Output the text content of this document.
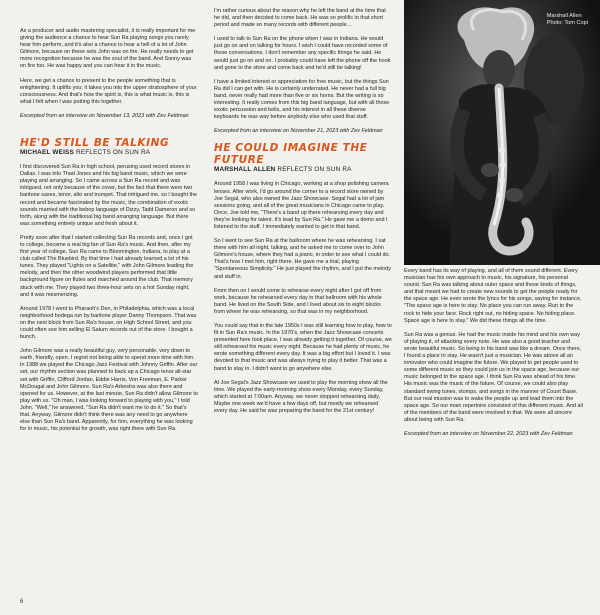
As a producer and audio mastering specialist, it is really important for me giving the audience a chance to hear Sun Ra playing songs you rarely hear him perform, and it's also a chance to hear a hell of a lot of John Gilmore, because on these sets John was on fire. He really needs to get more recognition because he was the soul of the band. And Sonny was on fire too. He was happy and you can hear it in the music.

Here, we get a chance to present to the people something that is enlightening. It uplifts you; it takes you into the upper stratosphere of your consciousness. And that's how the spirit is, this is what music is, this is what I felt when I was putting this together.

Excerpted from an interview on November 13, 2023 with Zev Feldman

HE'D STILL BE TALKING
MICHAEL WEISS REFLECTS ON SUN RA

I first discovered Sun Ra in high school, perusing used record stores in Dallas. I was into Thad Jones and his big band music, which we were playing and arranging. So I came across a Sun Ra record and was intrigued, not only because of the cover, but the fact that there were two baritone saxes, tenor, alto and trumpet. That intrigued me, so I bought the record and became fascinated by the music, the combination of exotic sounds married with the bebop language of Dizzy, Tadd Dameron and so forth, along with the traditional big band arranging language. But there was something entirely unique and fresh about it.

Pretty soon after that I started collecting Sun Ra records and, once I got to college, became a real big fan of Sun Ra's music. And then, after my first year of college, Sun Ra came to Bloomington, Indiana, to play at a club called The Bluebird. By that time I had already learned a lot of his tunes. They played "Lights on a Satellite," with John Gilmore leading the melody, and then the other woodwind players performed that little background figure on flutes and marched around the club. That memory stuck with me. They played two three-hour sets on a hot Sunday night, and it was mesmerizing.

Around 1978 I went to Pharaoh's Den, in Philadelphia, which was a local neighborhood bodega run by baritone player Danny Thompson. That was on the next block from Sun Ra's house, on High School Street, and you could often see him selling El Saturn records out of the store. I bought a bunch.

John Gilmore was a really beautiful guy, very personable, very down to earth, friendly, open. I regret not being able to spend more time with him. In 1988 we played the Chicago Jazz Festival with Johnny Griffin. After our set, our rhythm section was planned to back up a Chicago tenor all-star set with Griffin, Clifford Jordan, Eddie Harris, Von Freeman, E. Parker McDougal and John Gilmore. Sun Ra's Arkestra was also there and opened for us. However, at the last minute, Sun Ra didn't allow Gilmore to play with us. "Oh man, I was looking forward to playing with you," I told John. "Well," he answered, "Sun Ra didn't want me to do it." So that's that. Anyway, Gilmore didn't think there was any need to go anywhere else than Sun Ra's band. Apparently, for him, everything he was looking for in music, his potential for growth, was right there with Sun Ra.

I'm rather curious about the reason why he left the band at the time that he did, and then decided to come back. He was so prolific in that short period and made so many records with different people…

I used to talk to Sun Ra on the phone when I was in Indiana. He would just go on and on talking for hours. I wish I could have recorded some of those conversations. I don't remember any specific things he said. He would just go on and on. I probably could have left the phone off the hook and gone to the store and come back and he'd still be talking!

I have a limited interest or appreciation for free music, but the things Sun Ra did I can get with. He is certainly underrated. He never had a full big band, never really had more than five or six horns. But the writing is so interesting. It really comes from this big band language, but with all those exotic percussion and bells, and his interest in all these diverse keyboards he was way before anybody else who used that stuff.

Excerpted from an interview on November 21, 2023 with Zev Feldman

HE COULD IMAGINE THE FUTURE
MARSHALL ALLEN REFLECTS ON SUN RA

Around 1958 I was living in Chicago, working at a shop polishing camera lenses. After work, I'd go around the corner to a record store owned by Joe Segal, who also owned the Jazz Showcase. Segal had a lot of jam sessions going, and all of the great musicians in Chicago came to play. Once, Joe told me, "There's a band up there rehearsing every day and they're looking for talent. It's lead by Sun Ra." He gave me a demo and I listened to the stuff. I immediately wanted to get in that band.

So I went to see Sun Ra at the ballroom where he was rehearsing. I sat there with him all night, talking, and he asked me to come over to John Gilmore's house, where they had a piano, in order to see what I could do. That's how I met him, right there. He gave me a trial, playing "Spontaneous Simplicity." He just played the rhythm, and I put the melody and stuff in.

From then on I would come to rehearse every night after I got off from work, because he rehearsed every day in that ballroom with his whole band. He lived on the South Side, and I lived about six to eight blocks from where he was rehearsing, so that was in my neighborhood.

You could say that in the late 1950s I was still learning how to play, how to fit in Sun Ra's music. In the 1970's, when the Jazz Showcase concerts presented here took place, I was already getting it together. Of course, we still rehearsed his music every night. Because he had plenty of music, he wrote something different every day. It was a big effort but I loved it. I was devoted to that music and was always trying to play it better. That was a band to stay in. I didn't want to go anywhere else.

At Joe Segal's Jazz Showcase we used to play the morning show all the time. We played the early-morning show every Monday, every Sunday, which started at 7:00am. Anyway, we never stopped rehearsing daily. Maybe one week we'd have a few days off, but mostly we rehearsed every day. He said he was preparing the band for the 21st century!

Marshall Allen
Photo: Tom Copi

Every band has its way of playing, and all of them sound different. Every musician has his own approach to music, his signature, his personal sound. Sun Ra was talking about outer space and those kinds of things, and that meant we had to create new sounds to get the people ready for the space age. He even wrote the lyrics for his songs, saying for instance, "The space age is here to stay. No place you can run away. Run to the rock to hide your face. Rock right out, no hiding space. No hiding place. Space age is here to stay." We did these things all the time.

Sun Ra was a genius. He had the music inside his mind and his own way of playing it, of attacking every note. He was also a good teacher and wrote beautiful music. So being in his band was like a dream. Once there, I found a place to stay. He wasn't just a musician. He was above all an innovator who could imagine the future. We played to get people used to some different music so they could join us in the space age, because our music belonged to the space age. I think Sun Ra was ahead of his time. His music was the music of the future. Of course, we could also play standard swing tunes, stomps, and songs in the manner of Count Basie. But our real mission was to wake the people up and lead them into the space age. So our main repertoire consisted of this different music. And all of the members of the band were involved in that. We were all sincere about being with Sun Ra.

Excerpted from an interview on November 22, 2023 with Zev Feldman

6
